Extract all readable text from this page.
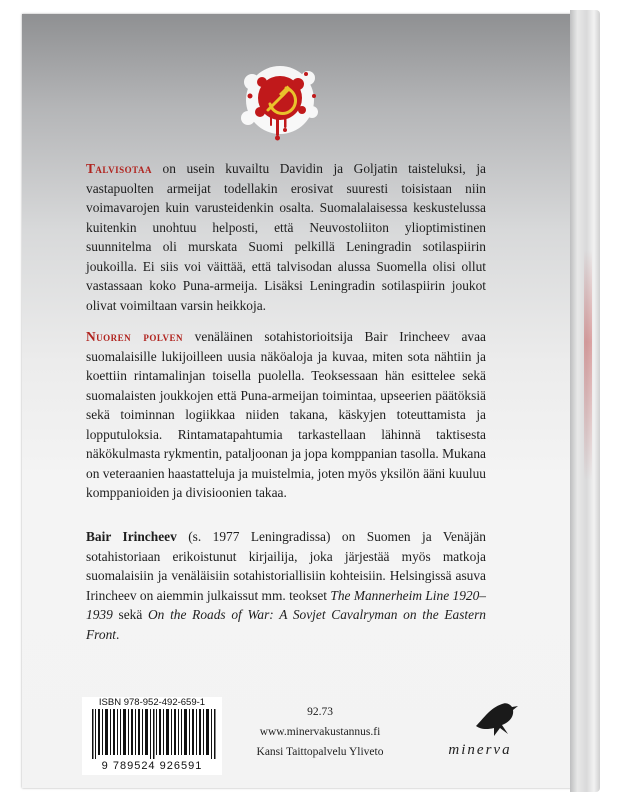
Talvisotaa on usein kuvailtu Davidin ja Goljatin taisteluksi, ja vastapuolten armeijat todellakin erosivat suuresti toisistaan niin voimavarojen kuin varusteidenkin osalta. Suomalalaisessa keskustelussa kuitenkin unohtuu helposti, että Neuvostoliiton ylioptimistinen suunnitelma oli murskata Suomi pelkillä Leningradin sotilaspiirin joukoilla. Ei siis voi väittää, että talvisodan alussa Suomella olisi ollut vastassaan koko Puna-armeija. Lisäksi Leningradin sotilaspiirin joukot olivat voimiltaan varsin heikkoja.
Nuoren polven venäläinen sotahistorioitsija Bair Irincheev avaa suomalaisille lukijoilleen uusia näköaloja ja kuvaa, miten sota nähtiin ja koettiin rintamalinjan toisella puolella. Teoksessaan hän esittelee sekä suomalaisten joukkojen että Puna-armeijan toimintaa, upseerien päätöksiä sekä toiminnan logiikkaa niiden takana, käskyjen toteuttamista ja lopputuloksia. Rintamatapahtumia tarkastellaan lähinnä taktisesta näkökulmasta rykmentin, pataljoonan ja jopa komppanian tasolla. Mukana on veteraanien haastatteluja ja muistelmia, joten myös yksilön ääni kuuluu komppanioiden ja divisioonien takaa.
Bair Irincheev (s. 1977 Leningradissa) on Suomen ja Venäjän sotahistoriaan erikoistunut kirjailija, joka järjestää myös matkoja suomalaisiin ja venäläisiin sotahistoriallisiin kohteisiin. Helsingissä asuva Irincheev on aiemmin julkaissut mm. teokset The Mannerheim Line 1920–1939 sekä On the Roads of War: A Sovjet Cavalryman on the Eastern Front.
ISBN 978-952-492-659-1
9 789524 926591
92.73
www.minervakustannus.fi
Kansi Taittopalvelu Yliveto	minerva
